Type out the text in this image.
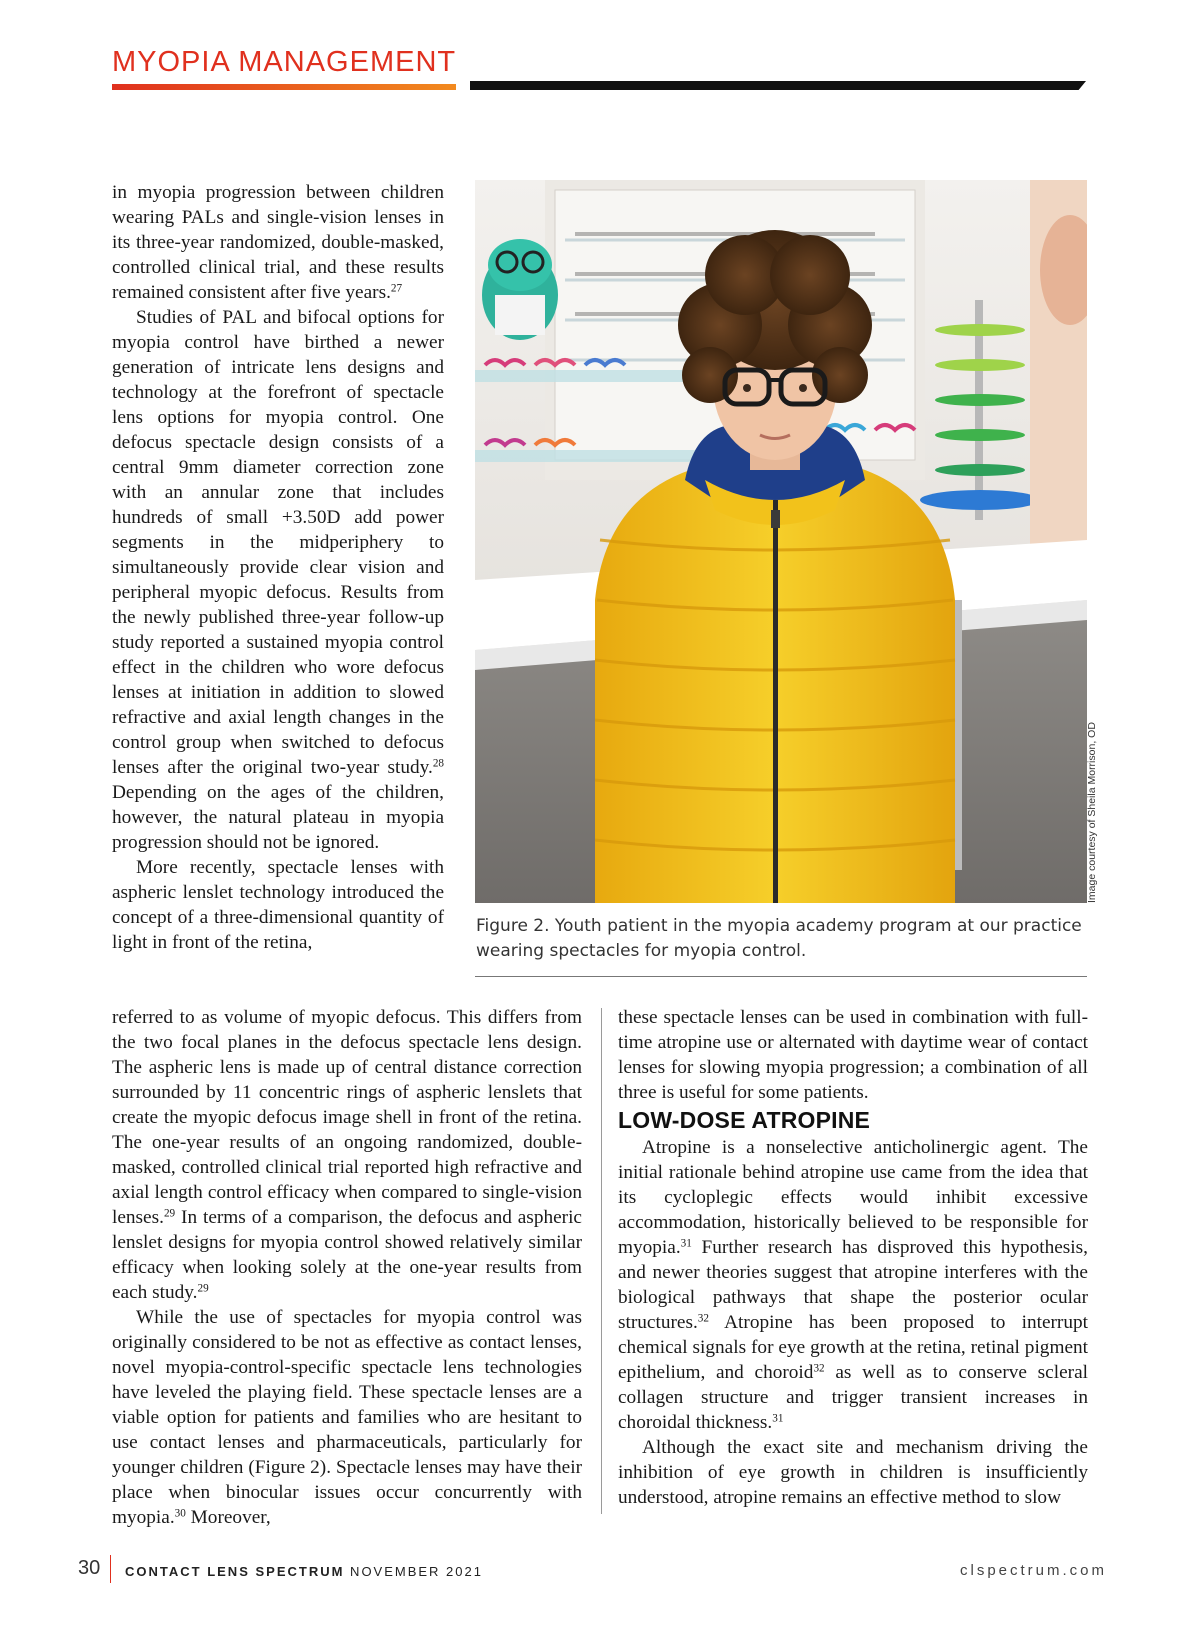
MYOPIA MANAGEMENT

in myopia progression between children wearing PALs and single-vision lenses in its three-year randomized, double-masked, controlled clinical trial, and these results remained consistent after five years.$^{27}$

Studies of PAL and bifocal options for myopia control have birthed a newer generation of intricate lens designs and technology at the forefront of spectacle lens options for myopia control. One defocus spectacle design consists of a central 9mm diameter correction zone with an annular zone that includes hundreds of small +3.50D add power segments in the midperiphery to simultaneously provide clear vision and peripheral myopic defocus. Results from the newly published three-year follow-up study reported a sustained myopia control effect in the children who wore defocus lenses at initiation in addition to slowed refractive and axial length changes in the control group when switched to defocus lenses after the original two-year study.$^{28}$ Depending on the ages of the children, however, the natural plateau in myopia progression should not be ignored.

More recently, spectacle lenses with aspheric lenslet technology introduced the concept of a three-dimensional quantity of light in front of the retina,

Image courtesy of Sheila Morrison, OD
Figure 2. Youth patient in the myopia academy program at our practice wearing spectacles for myopia control.

referred to as volume of myopic defocus. This differs from the two focal planes in the defocus spectacle lens design. The aspheric lens is made up of central distance correction surrounded by 11 concentric rings of aspheric lenslets that create the myopic defocus image shell in front of the retina. The one-year results of an ongoing randomized, double-masked, controlled clinical trial reported high refractive and axial length control efficacy when compared to single-vision lenses.$^{29}$ In terms of a comparison, the defocus and aspheric lenslet designs for myopia control showed relatively similar efficacy when looking solely at the one-year results from each study.$^{29}$

While the use of spectacles for myopia control was originally considered to be not as effective as contact lenses, novel myopia-control-specific spectacle lens technologies have leveled the playing field. These spectacle lenses are a viable option for patients and families who are hesitant to use contact lenses and pharmaceuticals, particularly for younger children (Figure 2). Spectacle lenses may have their place when binocular issues occur concurrently with myopia.$^{30}$ Moreover,

these spectacle lenses can be used in combination with full-time atropine use or alternated with daytime wear of contact lenses for slowing myopia progression; a combination of all three is useful for some patients.

LOW-DOSE ATROPINE

Atropine is a nonselective anticholinergic agent. The initial rationale behind atropine use came from the idea that its cycloplegic effects would inhibit excessive accommodation, historically believed to be responsible for myopia.$^{31}$ Further research has disproved this hypothesis, and newer theories suggest that atropine interferes with the biological pathways that shape the posterior ocular structures.$^{32}$ Atropine has been proposed to interrupt chemical signals for eye growth at the retina, retinal pigment epithelium, and choroid$^{32}$ as well as to conserve scleral collagen structure and trigger transient increases in choroidal thickness.$^{31}$

Although the exact site and mechanism driving the inhibition of eye growth in children is insufficiently understood, atropine remains an effective method to slow

30 CONTACT LENS SPECTRUM NOVEMBER 2021	clspectrum.com
